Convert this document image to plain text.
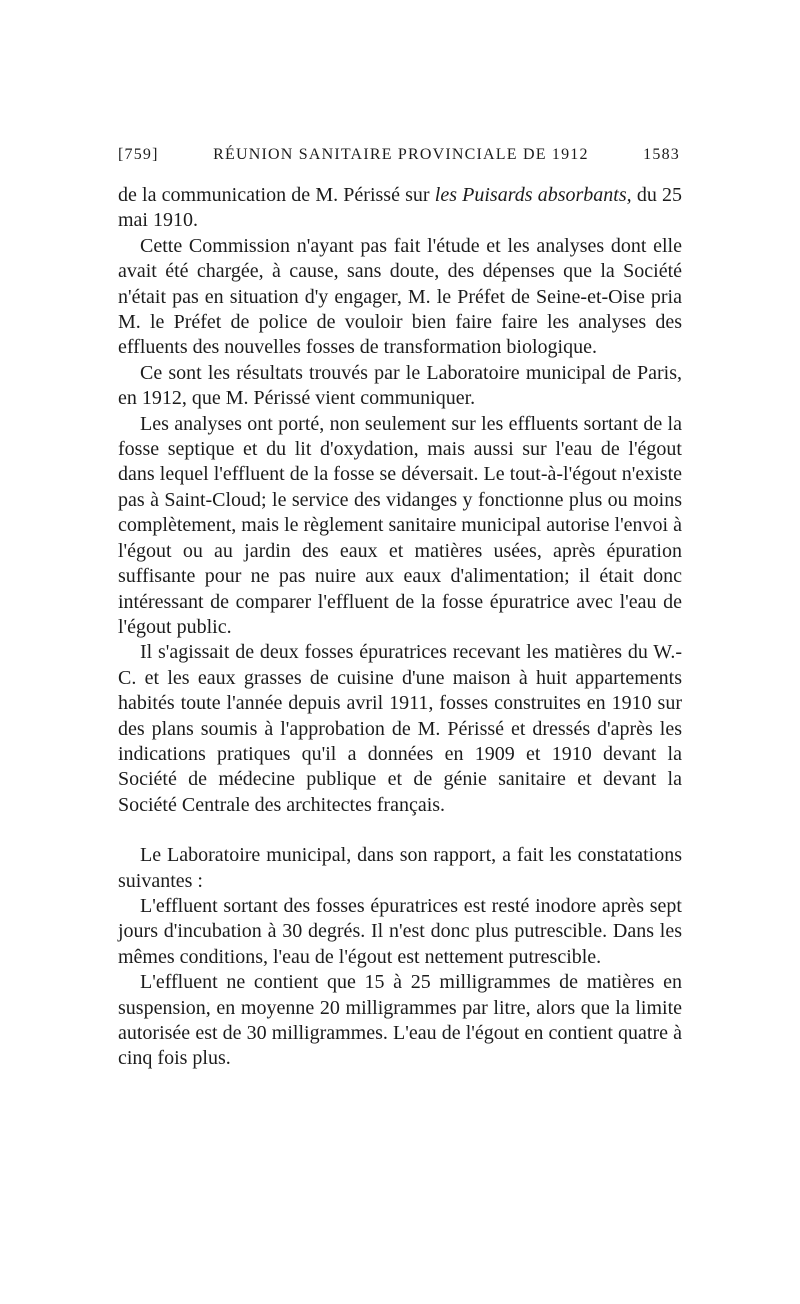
[759]	RÉUNION SANITAIRE PROVINCIALE DE 1912	1583

de la communication de M. Périssé sur les Puisards absorbants, du 25 mai 1910.

Cette Commission n'ayant pas fait l'étude et les analyses dont elle avait été chargée, à cause, sans doute, des dépenses que la Société n'était pas en situation d'y engager, M. le Préfet de Seine-et-Oise pria M. le Préfet de police de vouloir bien faire faire les analyses des effluents des nouvelles fosses de transformation biologique.

Ce sont les résultats trouvés par le Laboratoire municipal de Paris, en 1912, que M. Périssé vient communiquer.

Les analyses ont porté, non seulement sur les effluents sortant de la fosse septique et du lit d'oxydation, mais aussi sur l'eau de l'égout dans lequel l'effluent de la fosse se déversait. Le tout-à-l'égout n'existe pas à Saint-Cloud; le service des vidanges y fonctionne plus ou moins complètement, mais le règlement sanitaire municipal autorise l'envoi à l'égout ou au jardin des eaux et matières usées, après épuration suffisante pour ne pas nuire aux eaux d'alimentation; il était donc intéressant de comparer l'effluent de la fosse épuratrice avec l'eau de l'égout public.

Il s'agissait de deux fosses épuratrices recevant les matières du W.-C. et les eaux grasses de cuisine d'une maison à huit appartements habités toute l'année depuis avril 1911, fosses construites en 1910 sur des plans soumis à l'approbation de M. Périssé et dressés d'après les indications pratiques qu'il a données en 1909 et 1910 devant la Société de médecine publique et de génie sanitaire et devant la Société Centrale des architectes français.

Le Laboratoire municipal, dans son rapport, a fait les constatations suivantes :

L'effluent sortant des fosses épuratrices est resté inodore après sept jours d'incubation à 30 degrés. Il n'est donc plus putrescible. Dans les mêmes conditions, l'eau de l'égout est nettement putrescible.

L'effluent ne contient que 15 à 25 milligrammes de matières en suspension, en moyenne 20 milligrammes par litre, alors que la limite autorisée est de 30 milligrammes. L'eau de l'égout en contient quatre à cinq fois plus.
